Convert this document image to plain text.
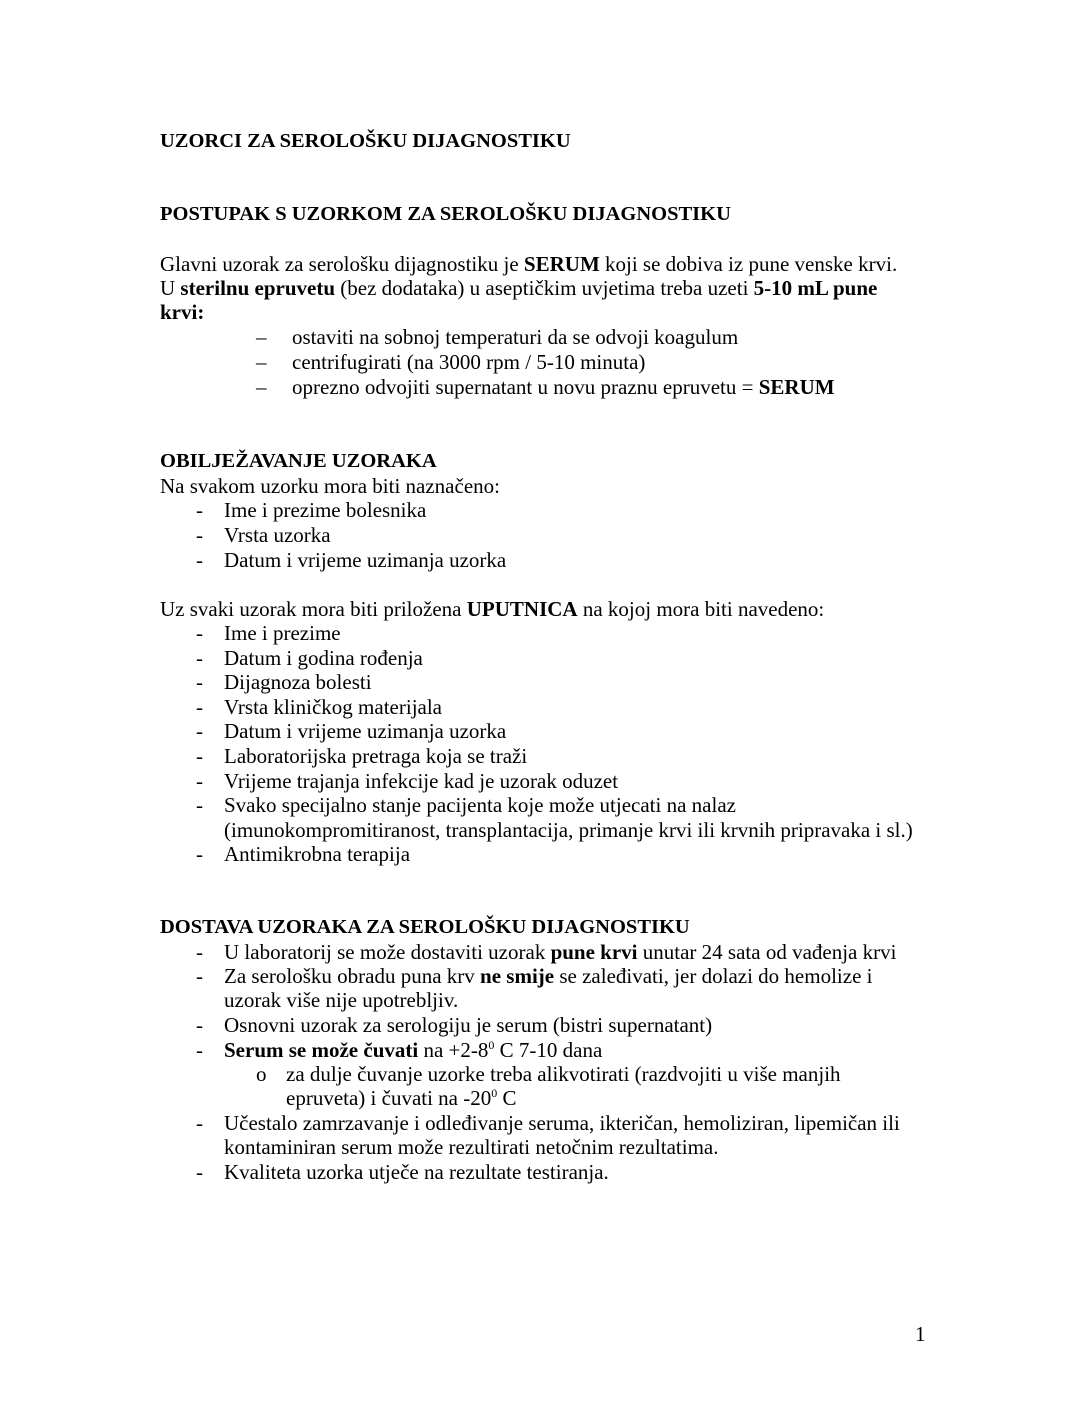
UZORCI ZA SEROLOŠKU DIJAGNOSTIKU
POSTUPAK S UZORKOM ZA SEROLOŠKU DIJAGNOSTIKU
Glavni uzorak za serološku dijagnostiku je SERUM koji se dobiva iz pune venske krvi.
U sterilnu epruvetu (bez dodataka) u aseptičkim uvjetima treba uzeti 5-10 mL pune
krvi:
– ostaviti na sobnoj temperaturi da se odvoji koagulum
– centrifugirati (na 3000 rpm / 5-10 minuta)
– oprezno odvojiti supernatant u novu praznu epruvetu = SERUM
OBILJEŽAVANJE UZORAKA
Na svakom uzorku mora biti naznačeno:
- Ime i prezime bolesnika
- Vrsta uzorka
- Datum i vrijeme uzimanja uzorka
Uz svaki uzorak mora biti priložena UPUTNICA na kojoj mora biti navedeno:
- Ime i prezime
- Datum i godina rođenja
- Dijagnoza bolesti
- Vrsta kliničkog materijala
- Datum i vrijeme uzimanja uzorka
- Laboratorijska pretraga koja se traži
- Vrijeme trajanja infekcije kad je uzorak oduzet
- Svako specijalno stanje pacijenta koje može utjecati na nalaz
- Antimikrobna terapija
(imunokompromitiranost, transplantacija, primanje krvi ili krvnih pripravaka i sl.)
DOSTAVA UZORAKA ZA SEROLOŠKU DIJAGNOSTIKU
- U laboratorij se može dostaviti uzorak pune krvi unutar 24 sata od vađenja krvi
- Za serološku obradu puna krv ne smije se zaleđivati, jer dolazi do hemolize i
uzorak više nije upotrebljiv.
- Osnovni uzorak za serologiju je serum (bistri supernatant)
- Serum se može čuvati na $+2-8^0$ C 7-10 dana
o za dulje čuvanje uzorke treba alikvotirati (razdvojiti u više manjih
epruveta) i čuvati na $-20^0$ C
- Učestalo zamrzavanje i odleđivanje seruma, ikteričan, hemoliziran, lipemičan ili
kontaminiran serum može rezultirati netočnim rezultatima.
- Kvaliteta uzorka utječe na rezultate testiranja.
1
